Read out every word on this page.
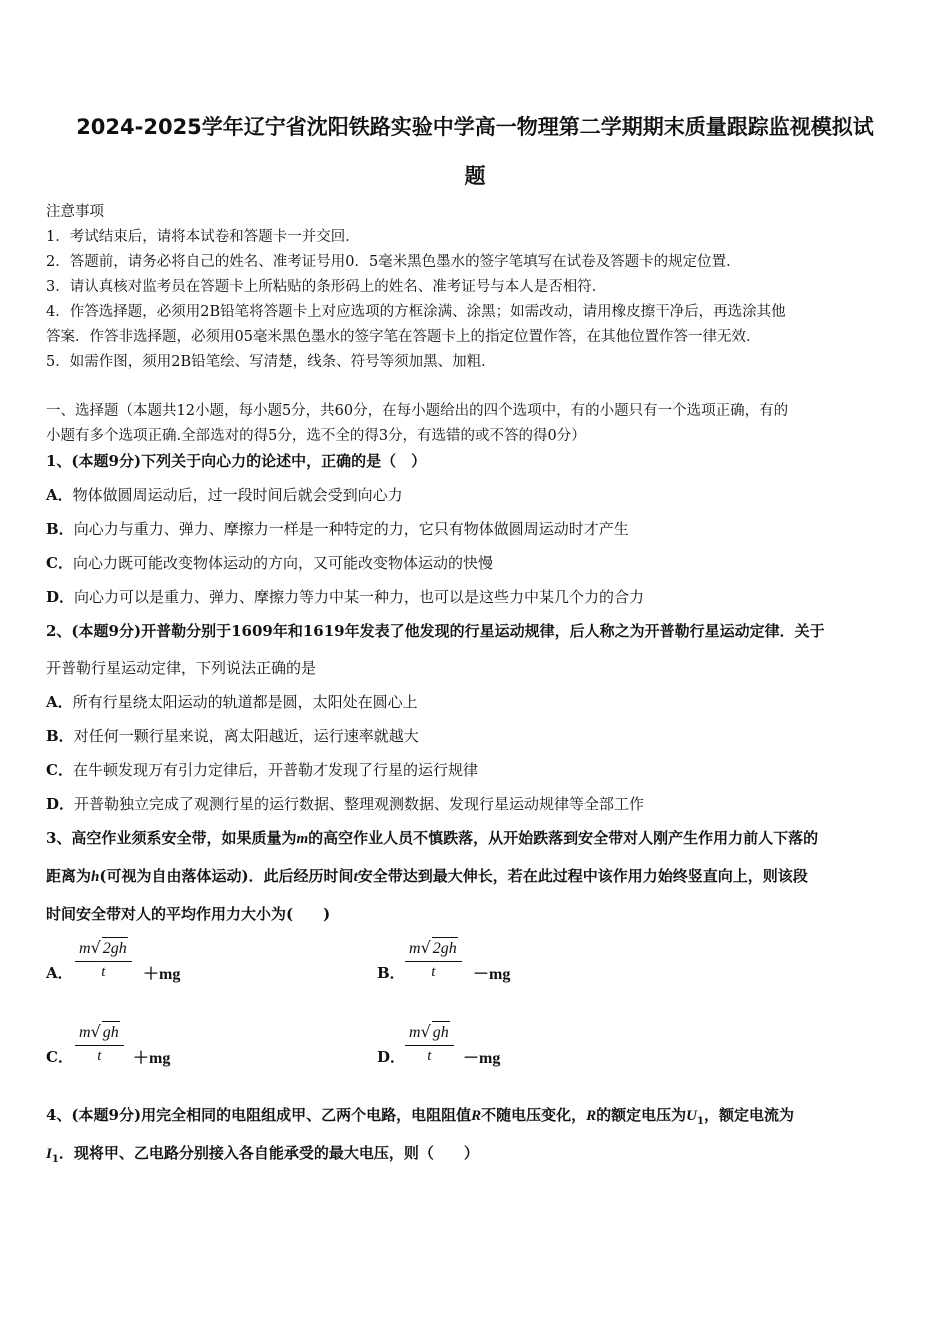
2024-2025学年辽宁省沈阳铁路实验中学高一物理第二学期期末质量跟踪监视模拟试
题
注意事项
1．考试结束后，请将本试卷和答题卡一并交回．
2．答题前，请务必将自己的姓名、准考证号用0．5毫米黑色墨水的签字笔填写在试卷及答题卡的规定位置．
3．请认真核对监考员在答题卡上所粘贴的条形码上的姓名、准考证号与本人是否相符．
4．作答选择题，必须用2B铅笔将答题卡上对应选项的方框涂满、涂黑；如需改动，请用橡皮擦干净后，再选涂其他
答案．作答非选择题，必须用05毫米黑色墨水的签字笔在答题卡上的指定位置作答，在其他位置作答一律无效．
5．如需作图，须用2B铅笔绘、写清楚，线条、符号等须加黑、加粗．
一、选择题（本题共12小题，每小题5分，共60分，在每小题给出的四个选项中，有的小题只有一个选项正确，有的
小题有多个选项正确.全部选对的得5分，选不全的得3分，有选错的或不答的得0分）
1、(本题9分)下列关于向心力的论述中，正确的是（　）
A．物体做圆周运动后，过一段时间后就会受到向心力
B．向心力与重力、弹力、摩擦力一样是一种特定的力，它只有物体做圆周运动时才产生
C．向心力既可能改变物体运动的方向，又可能改变物体运动的快慢
D．向心力可以是重力、弹力、摩擦力等力中某一种力，也可以是这些力中某几个力的合力
2、(本题9分)开普勒分别于1609年和1619年发表了他发现的行星运动规律，后人称之为开普勒行星运动定律．关于
开普勒行星运动定律，下列说法正确的是
A．所有行星绕太阳运动的轨道都是圆，太阳处在圆心上
B．对任何一颗行星来说，离太阳越近，运行速率就越大
C．在牛顿发现万有引力定律后，开普勒才发现了行星的运行规律
D．开普勒独立完成了观测行星的运行数据、整理观测数据、发现行星运动规律等全部工作
3、高空作业须系安全带，如果质量为m的高空作业人员不慎跌落，从开始跌落到安全带对人刚产生作用力前人下落的
距离为h(可视为自由落体运动)．此后经历时间t安全带达到最大伸长，若在此过程中该作用力始终竖直向上，则该段
时间安全带对人的平均作用力大小为(　　)
A．
m√ 2gh
t	＋mg	B．
m√ 2gh
t	－mg
C．
m√ gh
t	＋mg	D．
m√ gh
t	－mg
4、(本题9分)用完全相同的电阻组成甲、乙两个电路，电阻阻值R不随电压变化，R的额定电压为$U_1$，额定电流为
$I_1$．现将甲、乙电路分别接入各自能承受的最大电压，则（　　）
